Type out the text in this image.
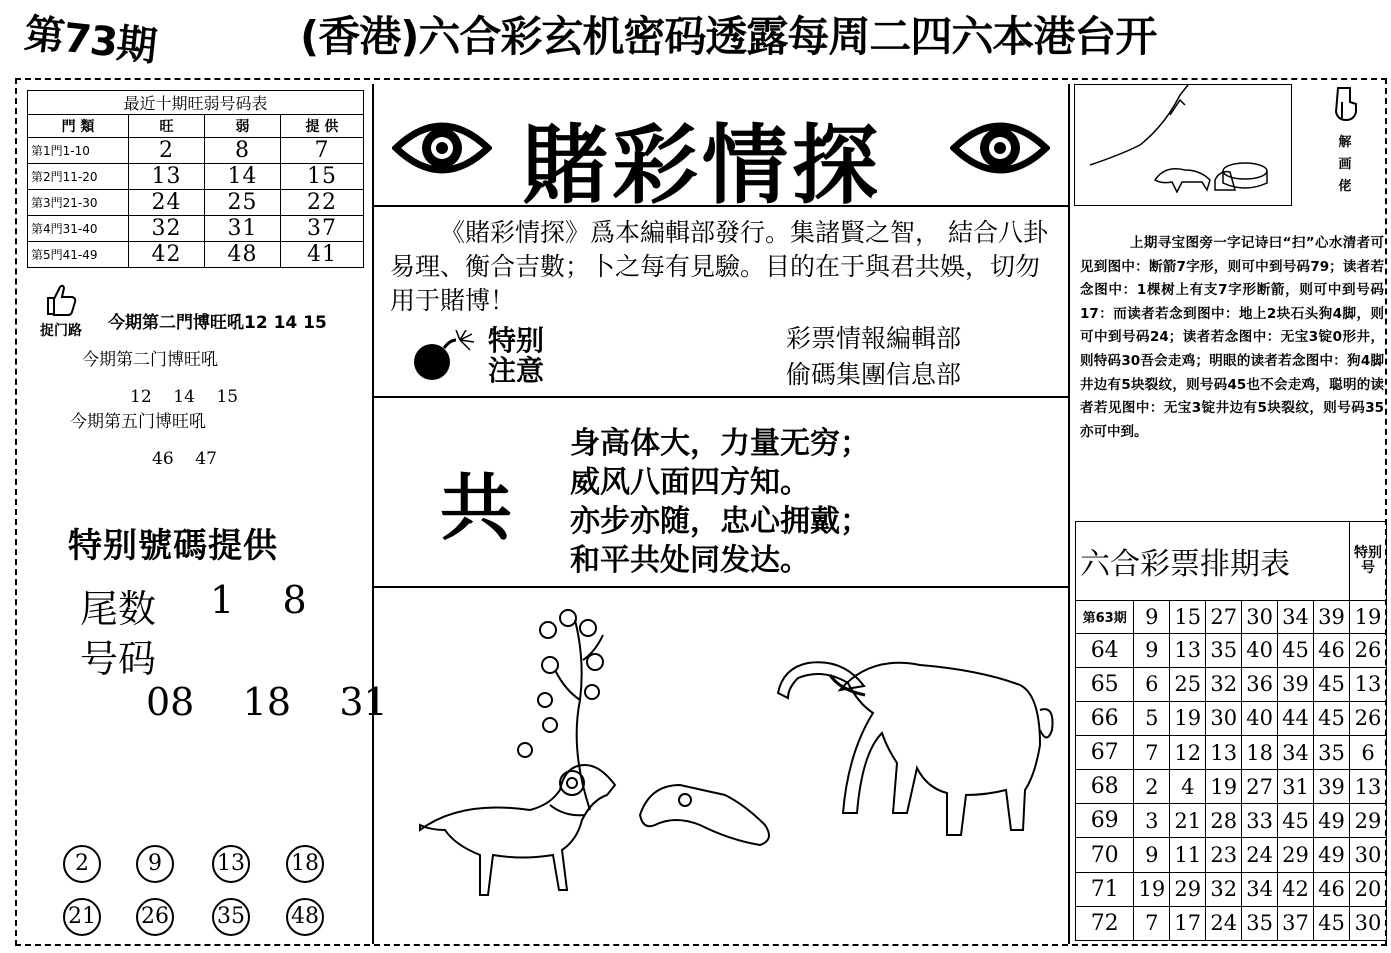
第73期	(香港)六合彩玄机密码透露每周二四六本港台开
最近十期旺弱号码表			
門 類	旺	弱	提 供
第1門1-10	2	8	7
第2門11-20	13	14	15
第3門21-30	24	25	22
第4門31-40	32	31	37
第5門41-49	42	48	41
捉门路 今期第二門博旺吼12 14 15
今期第二门博旺吼
12    14    15
今期第五门博旺吼
46    47
特别號碼提供
尾数 1    8
号码
08    18    31
2	9	13 18
21 26 35 48
賭彩情探
《賭彩情探》爲本編輯部發行。集諸賢之智， 結合八卦易理、衡合吉數；卜之每有見驗。目的在于與君共娛，切勿用于賭博！
特别
注意
彩票情報編輯部
偷碼集團信息部
共
身高体大，力量无穷；
威风八面四方知。
亦步亦随，忠心拥戴；
和平共处同发达。
解画佬
上期寻宝图旁一字记诗曰“扫”心水清者可见到图中：断箭7字形，则可中到号码79；读者若念图中：1棵树上有支7字形断箭，则可中到号码17：而读者若念到图中：地上2块石头狗4脚，则可中到号码24；读者若念图中：无宝3锭0形井，则特码30吾会走鸡；明眼的读者若念图中：狗4脚井边有5块裂纹，则号码45也不会走鸡，聪明的读者若见图中：无宝3锭井边有5块裂纹，则号码35亦可中到。
六合彩票排期表							特别号
第63期	9	15	27	30	34	39	19
64	9	13	35	40	45	46	26
65	6	25	32	36	39	45	13
66	5	19	30	40	44	45	26
67	7	12	13	18	34	35	6
68	2	4	19	27	31	39	13
69	3	21	28	33	45	49	29
70	9	11	23	24	29	49	30
71	19	29	32	34	42	46	20
72	7	17	24	35	37	45	30
